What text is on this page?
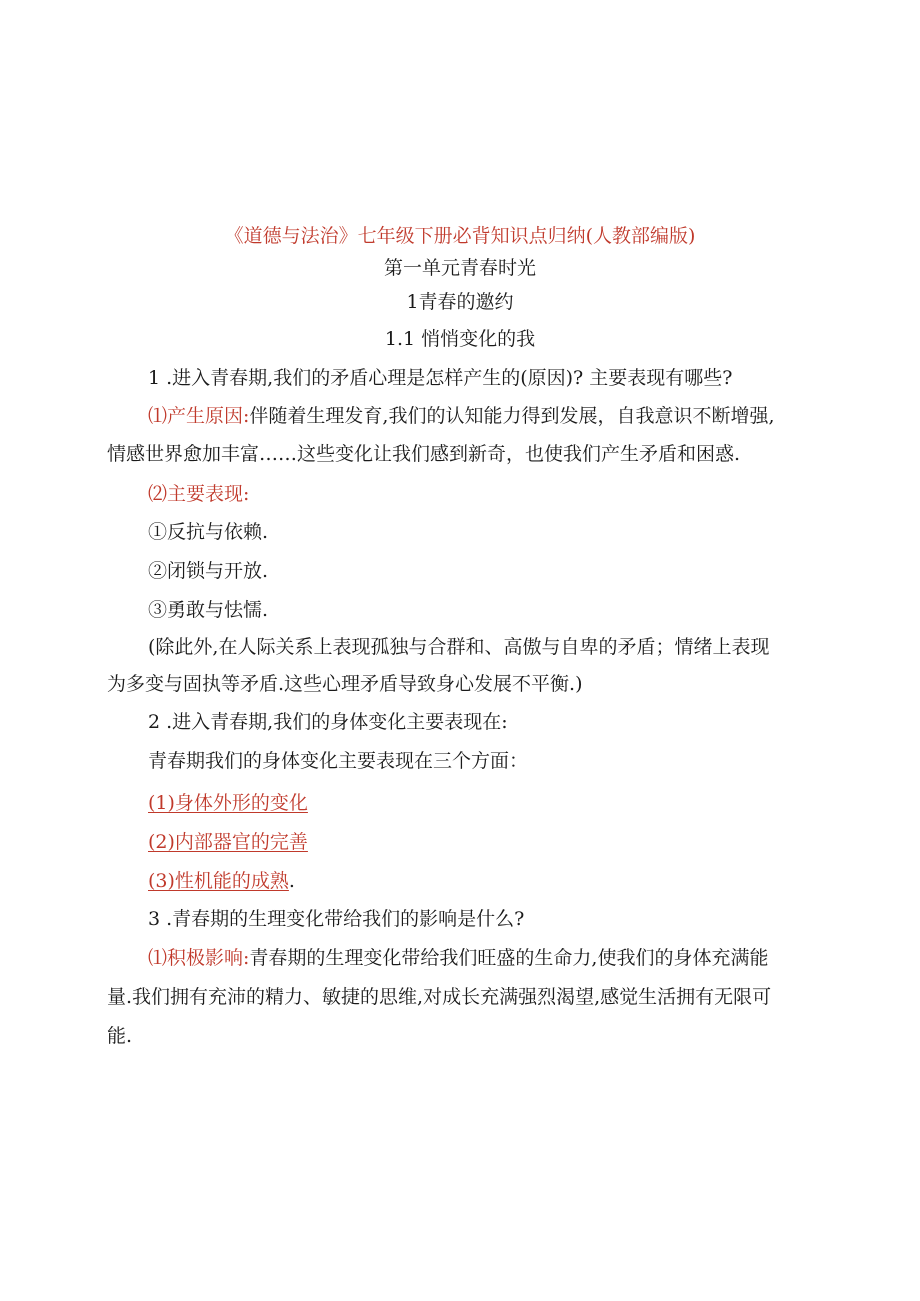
《道德与法治》七年级下册必背知识点归纳(人教部编版)
第一单元青春时光
1青春的邀约
1.1 悄悄变化的我
1 .进入青春期,我们的矛盾心理是怎样产生的(原因)? 主要表现有哪些?
⑴产生原因:伴随着生理发育,我们的认知能力得到发展，自我意识不断增强,
情感世界愈加丰富……这些变化让我们感到新奇，也使我们产生矛盾和困惑.
⑵主要表现:
①反抗与依赖.
②闭锁与开放.
③勇敢与怯懦.
(除此外,在人际关系上表现孤独与合群和、高傲与自卑的矛盾；情绪上表现
为多变与固执等矛盾.这些心理矛盾导致身心发展不平衡.)
2 .进入青春期,我们的身体变化主要表现在:
青春期我们的身体变化主要表现在三个方面：
(1)身体外形的变化
(2)内部器官的完善
(3)性机能的成熟.
3 .青春期的生理变化带给我们的影响是什么?
⑴积极影响:青春期的生理变化带给我们旺盛的生命力,使我们的身体充满能
量.我们拥有充沛的精力、敏捷的思维,对成长充满强烈渴望,感觉生活拥有无限可
能.
